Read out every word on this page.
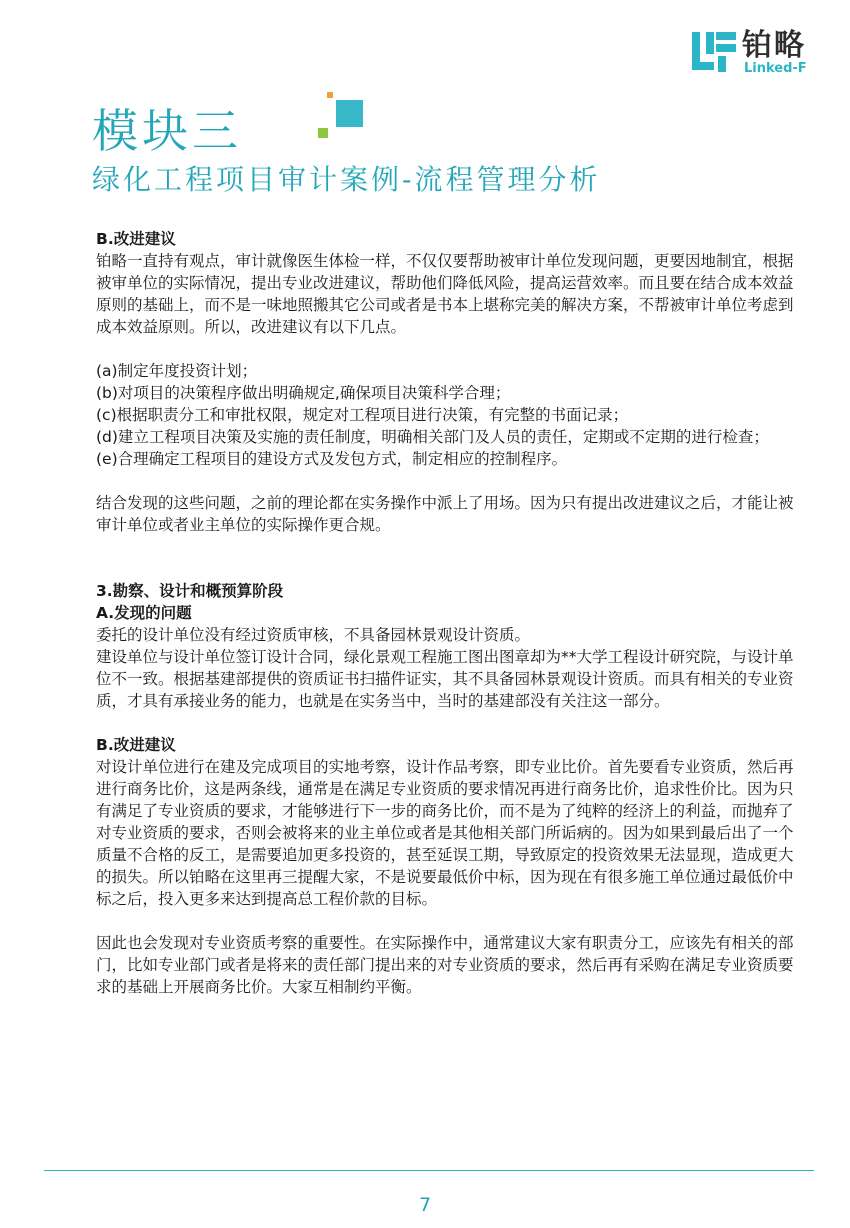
铂略
Linked-F
模块三
绿化工程项目审计案例-流程管理分析

B.改进建议

铂略一直持有观点，审计就像医生体检一样，不仅仅要帮助被审计单位发现问题，更要因地制宜，根据被审单位的实际情况，提出专业改进建议，帮助他们降低风险，提高运营效率。而且要在结合成本效益原则的基础上，而不是一味地照搬其它公司或者是书本上堪称完美的解决方案，不帮被审计单位考虑到成本效益原则。所以，改进建议有以下几点。

(a)制定年度投资计划；

(b)对项目的决策程序做出明确规定,确保项目决策科学合理；

(c)根据职责分工和审批权限，规定对工程项目进行决策，有完整的书面记录；

(d)建立工程项目决策及实施的责任制度，明确相关部门及人员的责任，定期或不定期的进行检查；

(e)合理确定工程项目的建设方式及发包方式，制定相应的控制程序。

结合发现的这些问题，之前的理论都在实务操作中派上了用场。因为只有提出改进建议之后，才能让被审计单位或者业主单位的实际操作更合规。

3.勘察、设计和概预算阶段

A.发现的问题

委托的设计单位没有经过资质审核，不具备园林景观设计资质。

建设单位与设计单位签订设计合同，绿化景观工程施工图出图章却为**大学工程设计研究院，与设计单位不一致。根据基建部提供的资质证书扫描件证实，其不具备园林景观设计资质。而具有相关的专业资质，才具有承接业务的能力，也就是在实务当中，当时的基建部没有关注这一部分。

B.改进建议

对设计单位进行在建及完成项目的实地考察，设计作品考察，即专业比价。首先要看专业资质，然后再进行商务比价，这是两条线，通常是在满足专业资质的要求情况再进行商务比价，追求性价比。因为只有满足了专业资质的要求，才能够进行下一步的商务比价，而不是为了纯粹的经济上的利益，而抛弃了对专业资质的要求，否则会被将来的业主单位或者是其他相关部门所诟病的。因为如果到最后出了一个质量不合格的反工，是需要追加更多投资的，甚至延误工期，导致原定的投资效果无法显现，造成更大的损失。所以铂略在这里再三提醒大家，不是说要最低价中标，因为现在有很多施工单位通过最低价中标之后，投入更多来达到提高总工程价款的目标。

因此也会发现对专业资质考察的重要性。在实际操作中，通常建议大家有职责分工，应该先有相关的部门，比如专业部门或者是将来的责任部门提出来的对专业资质的要求，然后再有采购在满足专业资质要求的基础上开展商务比价。大家互相制约平衡。

7
